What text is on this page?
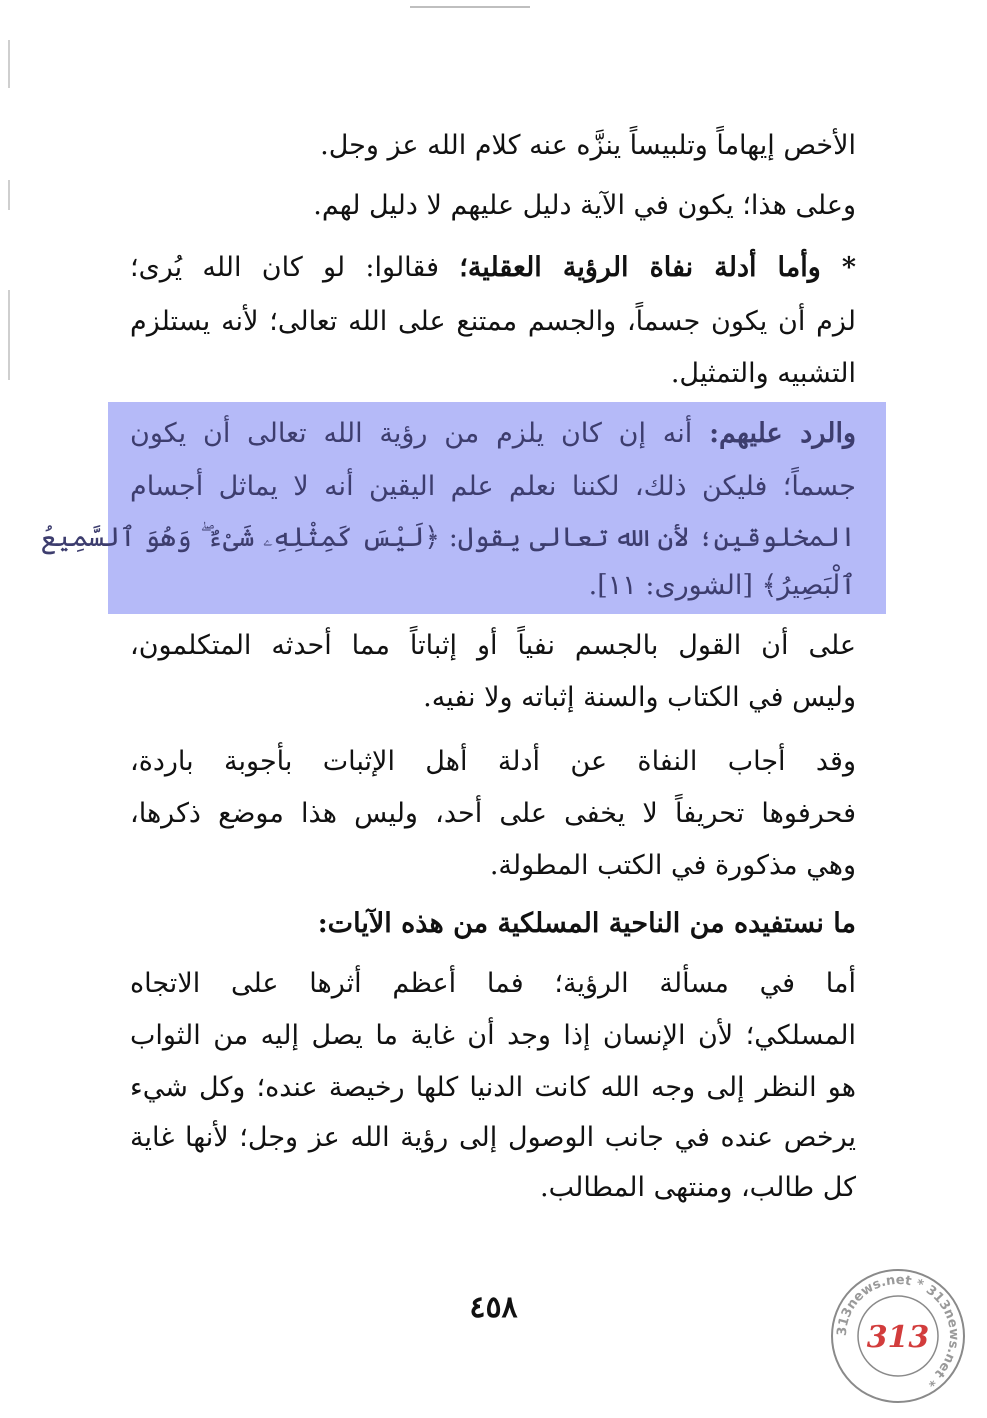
الأخص إيهاماً وتلبيساً ينزَّه عنه كلام الله عز وجل.
وعلى هذا؛ يكون في الآية دليل عليهم لا دليل لهم.
* وأما أدلة نفاة الرؤية العقلية؛ فقالوا: لو كان الله يُرى؛
لزم أن يكون جسماً، والجسم ممتنع على الله تعالى؛ لأنه يستلزم
التشبيه والتمثيل.
والرد عليهم: أنه إن كان يلزم من رؤية الله تعالى أن يكون
جسماً؛ فليكن ذلك، لكننا نعلم علم اليقين أنه لا يماثل أجسام
المخلوقين؛ لأن الله تعالى يقول: ﴿لَيْسَ كَمِثْلِهِۦ شَىْءٌ ۖ وَهُوَ ٱلسَّمِيعُ
ٱلْبَصِيرُ﴾ [الشورى: ١١].
على أن القول بالجسم نفياً أو إثباتاً مما أحدثه المتكلمون،
وليس في الكتاب والسنة إثباته ولا نفيه.
وقد أجاب النفاة عن أدلة أهل الإثبات بأجوبة باردة،
فحرفوها تحريفاً لا يخفى على أحد، وليس هذا موضع ذكرها،
وهي مذكورة في الكتب المطولة.
ما نستفيده من الناحية المسلكية من هذه الآيات:
أما في مسألة الرؤية؛ فما أعظم أثرها على الاتجاه
المسلكي؛ لأن الإنسان إذا وجد أن غاية ما يصل إليه من الثواب
هو النظر إلى وجه الله كانت الدنيا كلها رخيصة عنده؛ وكل شيء
يرخص عنده في جانب الوصول إلى رؤية الله عز وجل؛ لأنها غاية
كل طالب، ومنتهى المطالب.
٤٥٨
313news.net * 313news.net *
313
